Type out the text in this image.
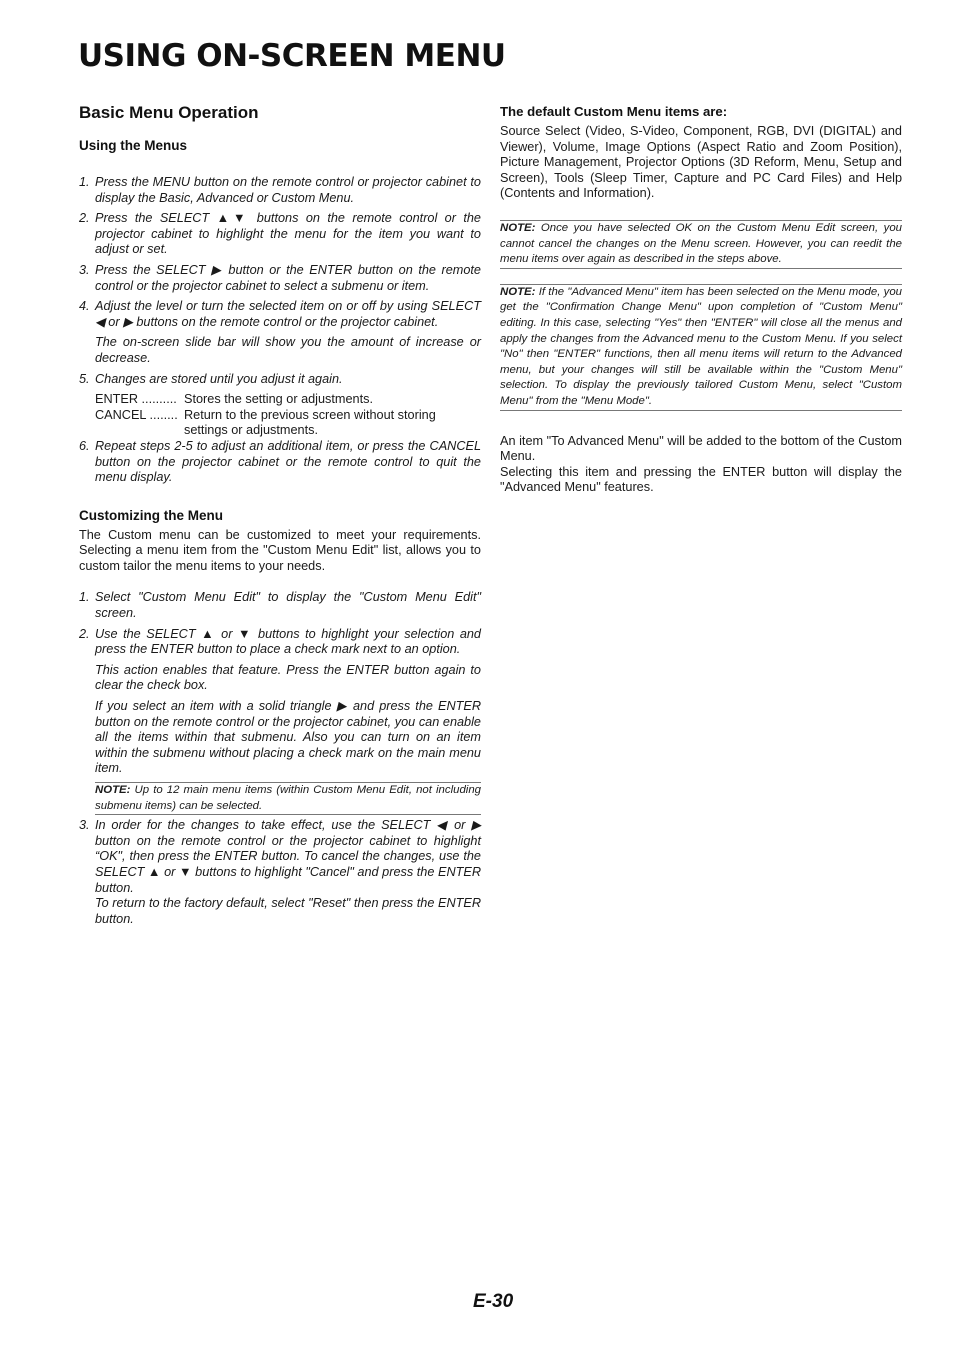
USING ON-SCREEN MENU
Basic Menu Operation
Using the Menus
1. Press the MENU button on the remote control or projector cabinet to display the Basic, Advanced or Custom Menu.
2. Press the SELECT ▲▼ buttons on the remote control or the projector cabinet to highlight the menu for the item you want to adjust or set.
3. Press the SELECT ▶ button or the ENTER button on the remote control or the projector cabinet to select a submenu or item.
4. Adjust the level or turn the selected item on or off by using SELECT ◀ or ▶ buttons on the remote control or the projector cabinet.
The on-screen slide bar will show you the amount of increase or decrease.
5. Changes are stored until you adjust it again.
ENTER .......... Stores the setting or adjustments.
CANCEL ........ Return to the previous screen without storing settings or adjustments.
6. Repeat steps 2-5 to adjust an additional item, or press the CANCEL button on the projector cabinet or the remote control to quit the menu display.
Customizing the Menu
The Custom menu can be customized to meet your requirements. Selecting a menu item from the "Custom Menu Edit" list, allows you to custom tailor the menu items to your needs.
1. Select "Custom Menu Edit" to display the "Custom Menu Edit" screen.
2. Use the SELECT ▲ or ▼ buttons to highlight your selection and press the ENTER button to place a check mark next to an option.
This action enables that feature. Press the ENTER button again to clear the check box.
If you select an item with a solid triangle ▶ and press the ENTER button on the remote control or the projector cabinet, you can enable all the items within that submenu. Also you can turn on an item within the submenu without placing a check mark on the main menu item.
NOTE: Up to 12 main menu items (within Custom Menu Edit, not including submenu items) can be selected.
3. In order for the changes to take effect, use the SELECT ◀ or ▶ button on the remote control or the projector cabinet to highlight “OK", then press the ENTER button. To cancel the changes, use the SELECT ▲ or ▼ buttons to highlight "Cancel" and press the ENTER button.
To return to the factory default, select "Reset" then press the ENTER button.
The default Custom Menu items are:
Source Select (Video, S-Video, Component, RGB, DVI (DIGITAL) and Viewer), Volume, Image Options (Aspect Ratio and Zoom Position), Picture Management, Projector Options (3D Reform, Menu, Setup and Screen), Tools (Sleep Timer, Capture and PC Card Files) and Help (Contents and Information).
NOTE: Once you have selected OK on the Custom Menu Edit screen, you cannot cancel the changes on the Menu screen. However, you can reedit the menu items over again as described in the steps above.
NOTE: If the "Advanced Menu" item has been selected on the Menu mode, you get the "Confirmation Change Menu" upon completion of "Custom Menu" editing. In this case, selecting "Yes" then "ENTER" will close all the menus and apply the changes from the Advanced menu to the Custom Menu. If you select "No" then "ENTER" functions, then all menu items will return to the Advanced menu, but your changes will still be available within the "Custom Menu" selection. To display the previously tailored Custom Menu, select "Custom Menu" from the "Menu Mode".
An item "To Advanced Menu" will be added to the bottom of the Custom Menu.
Selecting this item and pressing the ENTER button will display the "Advanced Menu" features.
E-30
